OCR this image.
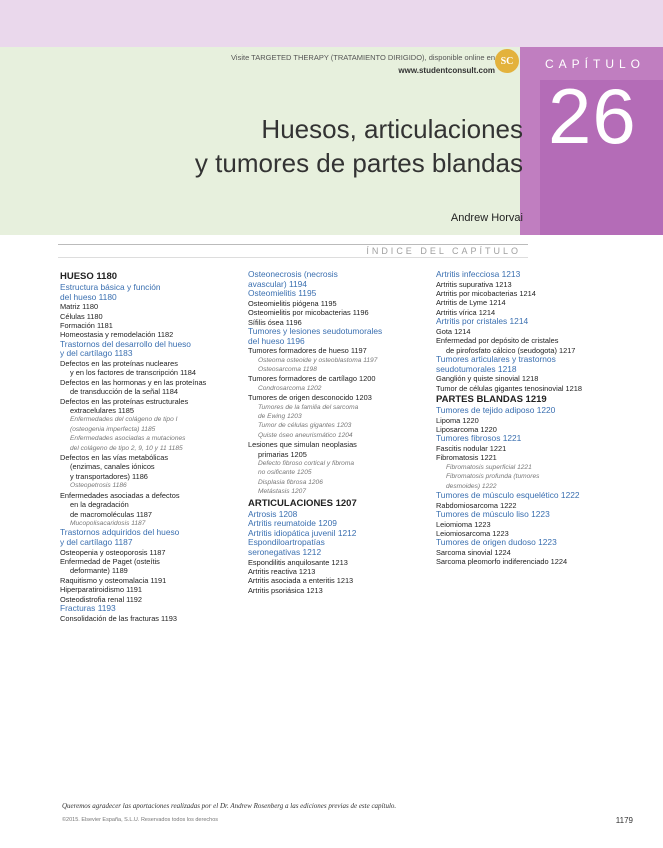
Visite TARGETED THERAPY (TRATAMIENTO DIRIGIDO), disponible online en
www.studentconsult.com
SC	CAPÍTULO
26
Huesos, articulaciones
y tumores de partes blandas
Andrew Horvai
ÍNDICE DEL CAPÍTULO
HUESO 1180
Estructura básica y función
del hueso 1180
Matriz 1180
Células 1180
Formación 1181
Homeostasia y remodelación 1182
Trastornos del desarrollo del hueso
y del cartílago 1183
Defectos en las proteínas nucleares
y en los factores de transcripción 1184
Defectos en las hormonas y en las proteínas
de transducción de la señal 1184
Defectos en las proteínas estructurales
extracelulares 1185
Enfermedades del colágeno de tipo I
(osteogenia imperfecta) 1185
Enfermedades asociadas a mutaciones
del colágeno de tipo 2, 9, 10 y 11 1185
Defectos en las vías metabólicas
(enzimas, canales iónicos
y transportadores) 1186
Osteopetrosis 1186
Enfermedades asociadas a defectos
en la degradación
de macromoléculas 1187
Mucopolisacaridosis 1187
Trastornos adquiridos del hueso
y del cartílago 1187
Osteopenia y osteoporosis 1187
Enfermedad de Paget (osteítis
deformante) 1189
Raquitismo y osteomalacia 1191
Hiperparatiroidismo 1191
Osteodistrofia renal 1192
Fracturas 1193
Consolidación de las fracturas 1193
Osteonecrosis (necrosis
avascular) 1194
Osteomielitis 1195
Osteomielitis piógena 1195
Osteomielitis por micobacterias 1196
Sífilis ósea 1196
Tumores y lesiones seudotumorales
del hueso 1196
Tumores formadores de hueso 1197
Osteoma osteoide y osteoblastoma 1197
Osteosarcoma 1198
Tumores formadores de cartílago 1200
Condrosarcoma 1202
Tumores de origen desconocido 1203
Tumores de la familia del sarcoma
de Ewing 1203
Tumor de células gigantes 1203
Quiste óseo aneurismático 1204
Lesiones que simulan neoplasias
primarias 1205
Defecto fibroso cortical y fibroma
no osificante 1205
Displasia fibrosa 1206
Metástasis 1207
ARTICULACIONES 1207
Artrosis 1208
Artritis reumatoide 1209
Artritis idiopática juvenil 1212
Espondiloartropatías
seronegativas 1212
Espondilitis anquilosante 1213
Artritis reactiva 1213
Artritis asociada a enteritis 1213
Artritis psoriásica 1213
Artritis infecciosa 1213
Artritis supurativa 1213
Artritis por micobacterias 1214
Artritis de Lyme 1214
Artritis vírica 1214
Artritis por cristales 1214
Gota 1214
Enfermedad por depósito de cristales
de pirofosfato cálcico (seudogota) 1217
Tumores articulares y trastornos
seudotumorales 1218
Ganglión y quiste sinovial 1218
Tumor de células gigantes tenosinovial 1218
PARTES BLANDAS 1219
Tumores de tejido adiposo 1220
Lipoma 1220
Liposarcoma 1220
Tumores fibrosos 1221
Fascitis nodular 1221
Fibromatosis 1221
Fibromatosis superficial 1221
Fibromatosis profunda (tumores
desmoides) 1222
Tumores de músculo esquelético 1222
Rabdomiosarcoma 1222
Tumores de músculo liso 1223
Leiomioma 1223
Leiomiosarcoma 1223
Tumores de origen dudoso 1223
Sarcoma sinovial 1224
Sarcoma pleomorfo indiferenciado 1224
Queremos agradecer las aportaciones realizadas por el Dr. Andrew Rosenberg a las ediciones previas de este capítulo.
©2015. Elsevier España, S.L.U. Reservados todos los derechos	1179
